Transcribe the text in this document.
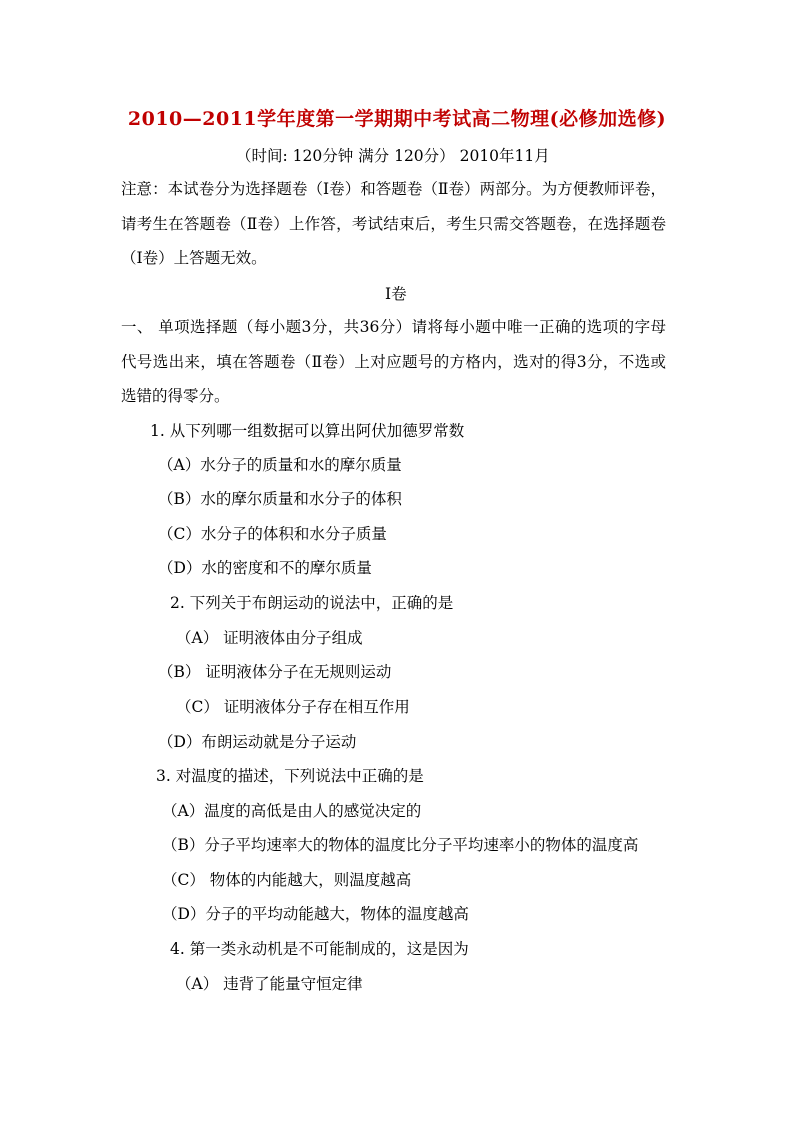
2010—2011学年度第一学期期中考试高二物理(必修加选修)
（时间: 120分钟 满分 120分） 2010年11月
注意：本试卷分为选择题卷（Ⅰ卷）和答题卷（Ⅱ卷）两部分。为方便教师评卷，请考生在答题卷（Ⅱ卷）上作答，考试结束后，考生只需交答题卷，在选择题卷（Ⅰ卷）上答题无效。
Ⅰ卷
一、 单项选择题（每小题3分，共36分）请将每小题中唯一正确的选项的字母代号选出来，填在答题卷（Ⅱ卷）上对应题号的方格内，选对的得3分，不选或选错的得零分。
1. 从下列哪一组数据可以算出阿伏加德罗常数
（A）水分子的质量和水的摩尔质量
（B）水的摩尔质量和水分子的体积
（C）水分子的体积和水分子质量
（D）水的密度和不的摩尔质量
2. 下列关于布朗运动的说法中，正确的是
（A） 证明液体由分子组成
（B） 证明液体分子在无规则运动
（C） 证明液体分子存在相互作用
（D）布朗运动就是分子运动
3. 对温度的描述，下列说法中正确的是
（A）温度的高低是由人的感觉决定的
（B）分子平均速率大的物体的温度比分子平均速率小的物体的温度高
（C） 物体的内能越大，则温度越高
（D）分子的平均动能越大，物体的温度越高
4. 第一类永动机是不可能制成的，这是因为
（A） 违背了能量守恒定律
